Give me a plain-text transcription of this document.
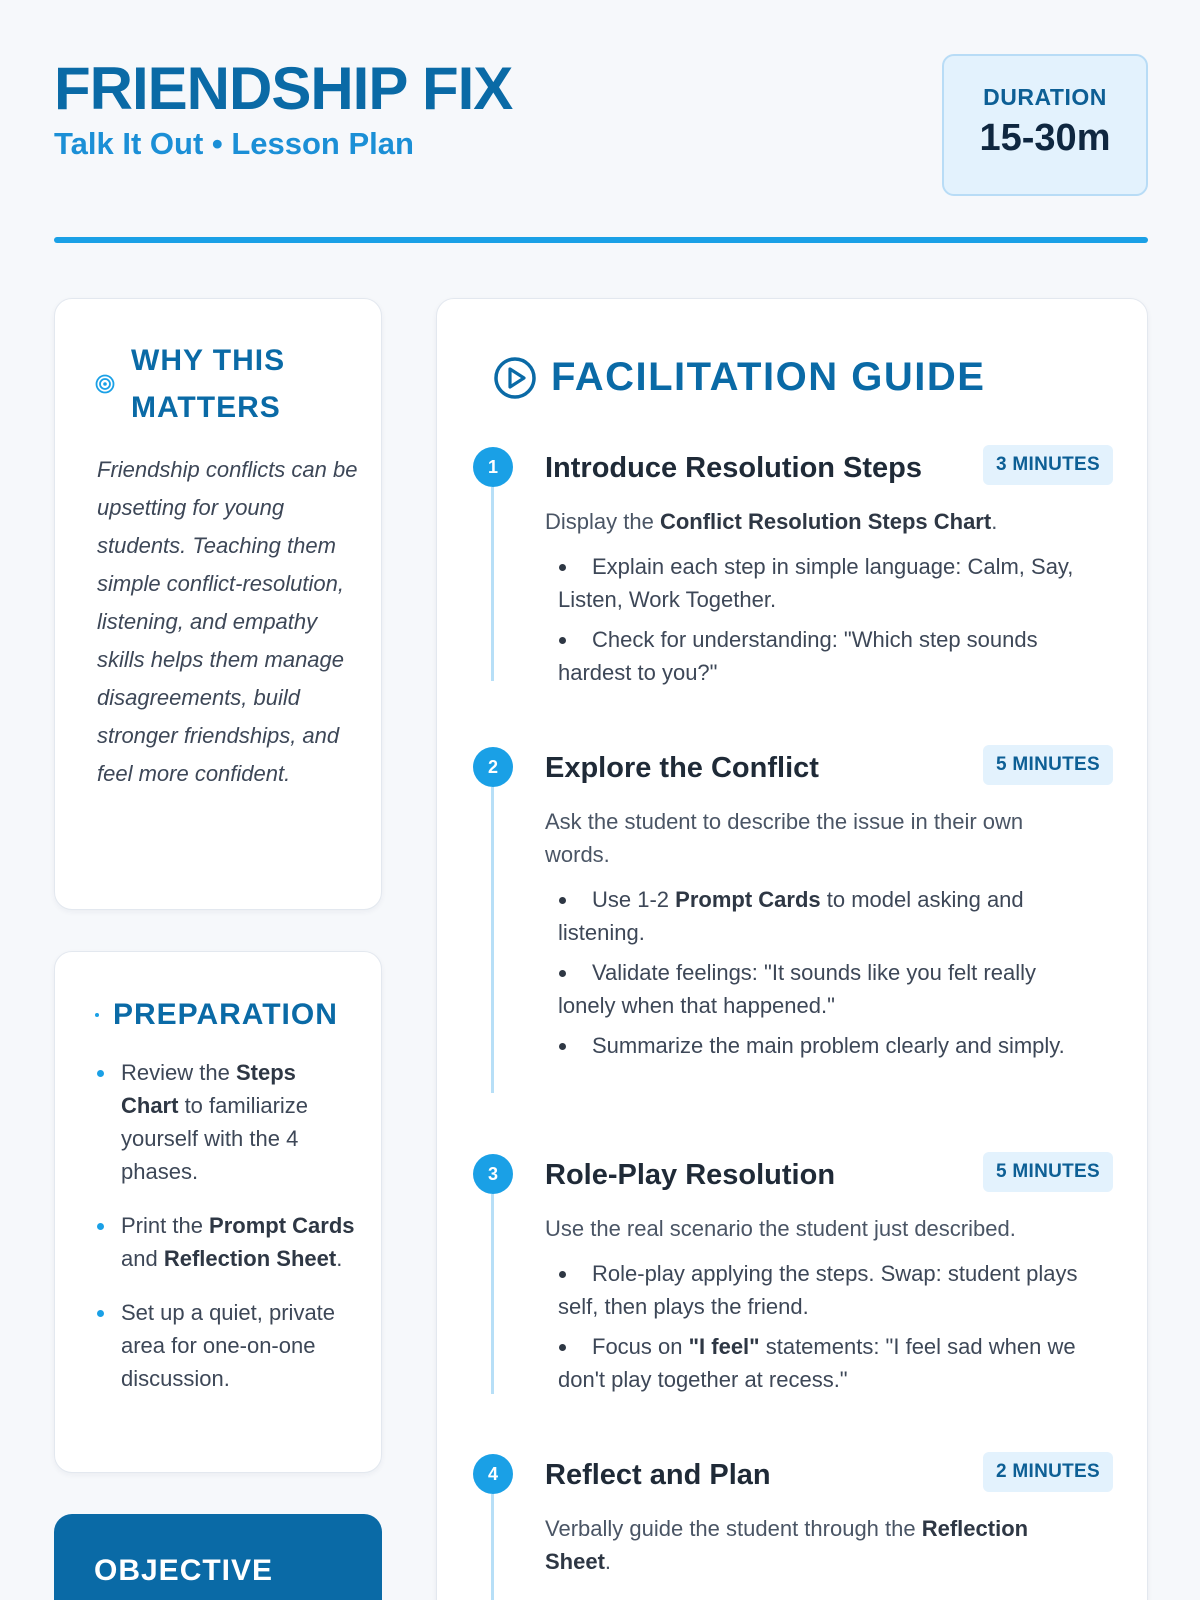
FRIENDSHIP FIX
Talk It Out • Lesson Plan
DURATION
15-30m
WHY THIS MATTERS
Friendship conflicts can be upsetting for young students. Teaching them simple conflict-resolution, listening, and empathy skills helps them manage disagreements, build stronger friendships, and feel more confident.
PREPARATION
Review the Steps Chart to familiarize yourself with the 4 phases.
Print the Prompt Cards and Reflection Sheet.
Set up a quiet, private area for one-on-one discussion.
OBJECTIVE
FACILITATION GUIDE
1	Introduce Resolution Steps	3 MINUTES
Display the Conflict Resolution Steps Chart.
Explain each step in simple language: Calm, Say, Listen, Work Together.
Check for understanding: "Which step sounds hardest to you?"
2	Explore the Conflict	5 MINUTES
Ask the student to describe the issue in their own words.
Use 1-2 Prompt Cards to model asking and listening.
Validate feelings: "It sounds like you felt really lonely when that happened."
Summarize the main problem clearly and simply.
3	Role-Play Resolution	5 MINUTES
Use the real scenario the student just described.
Role-play applying the steps. Swap: student plays self, then plays the friend.
Focus on "I feel" statements: "I feel sad when we don't play together at recess."
4	Reflect and Plan	2 MINUTES
Verbally guide the student through the Reflection Sheet.
